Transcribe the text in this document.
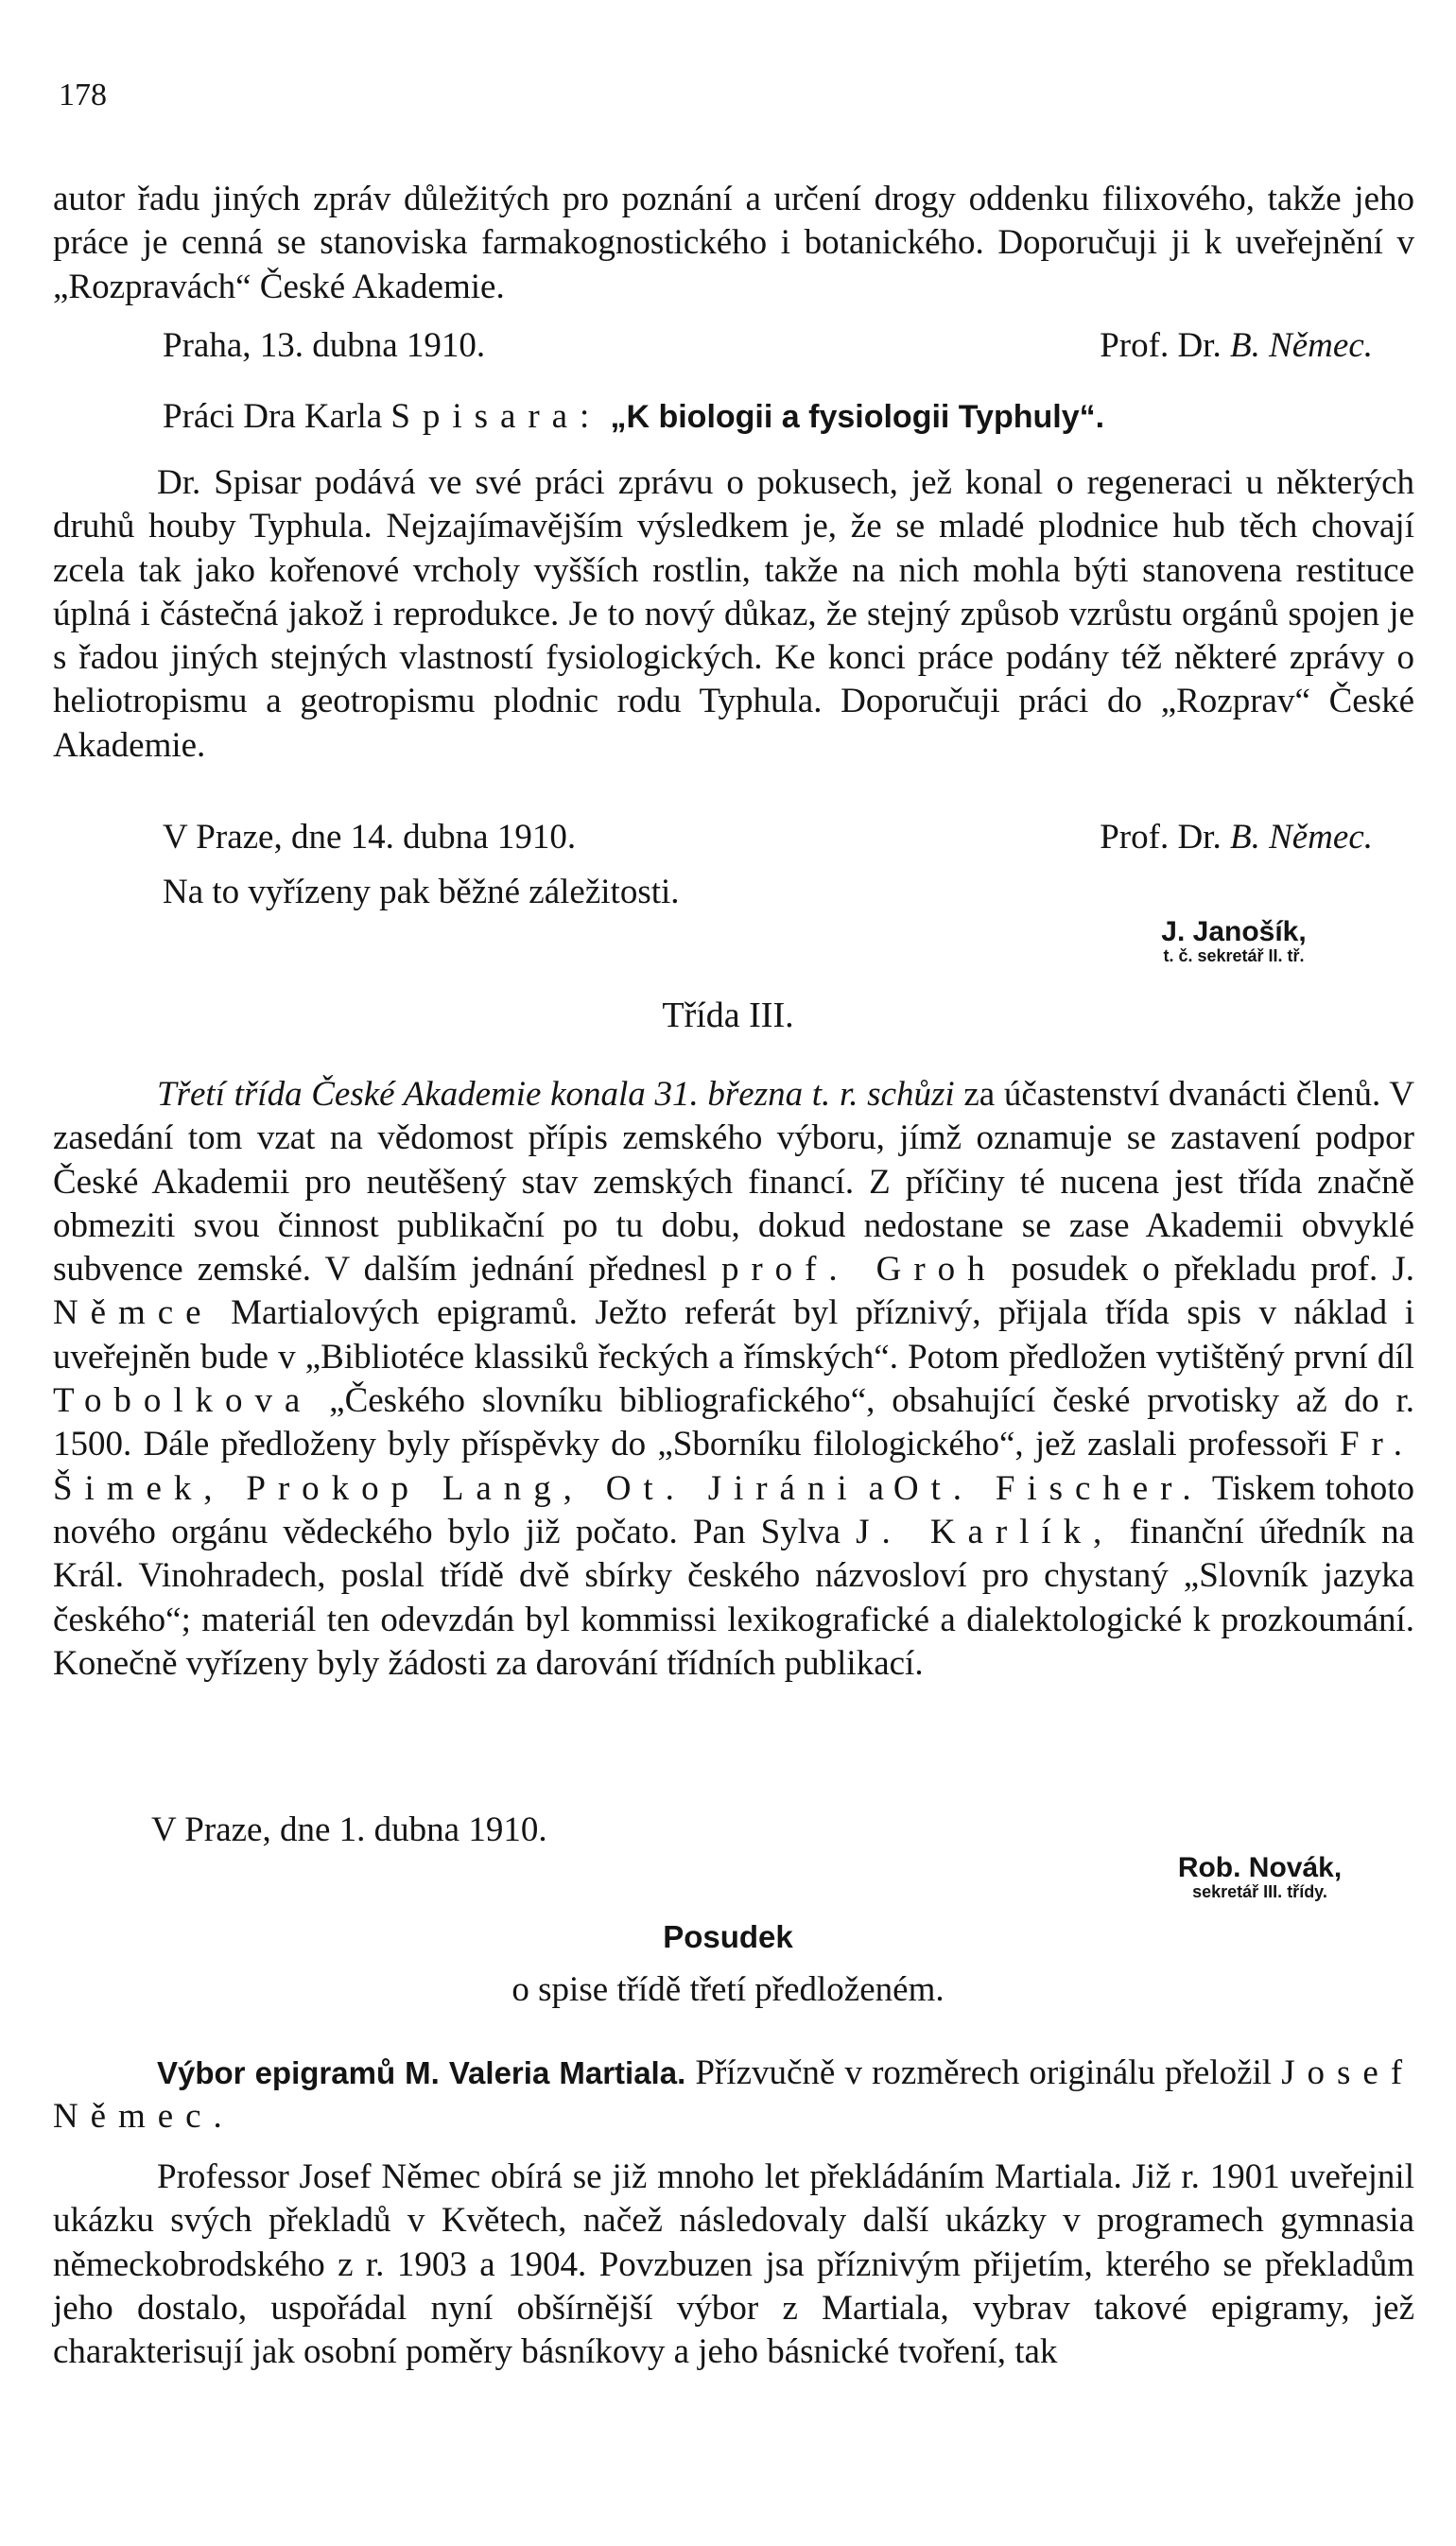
178

autor řadu jiných zpráv důležitých pro poznání a určení drogy oddenku filixového, takže jeho práce je cenná se stanoviska farmakognostického i botanického. Doporučuji ji k uveřejnění v „Rozpravách“ České Akademie.

Praha, 13. dubna 1910.	Prof. Dr. B. Němec.
Práci Dra Karla Spisara: „K biologii a fysiologii Typhuly“.

Dr. Spisar podává ve své práci zprávu o pokusech, jež konal o regeneraci u některých druhů houby Typhula. Nejzajímavějším výsledkem je, že se mladé plodnice hub těch chovají zcela tak jako kořenové vrcholy vyšších rostlin, takže na nich mohla býti stanovena restituce úplná i částečná jakož i reprodukce. Je to nový důkaz, že stejný způsob vzrůstu orgánů spojen je s řadou jiných stejných vlastností fysiologických. Ke konci práce podány též některé zprávy o heliotropismu a geotropismu plodnic rodu Typhula. Doporučuji práci do „Rozprav“ České Akademie.

V Praze, dne 14. dubna 1910.	Prof. Dr. B. Němec.
Na to vyřízeny pak běžné záležitosti.
J. Janošík,
t. č. sekretář II. tř.
Třída III.

Třetí třída České Akademie konala 31. března t. r. schůzi za účastenství dvanácti členů. V zasedání tom vzat na vědomost přípis zemského výboru, jímž oznamuje se zastavení podpor České Akademii pro neutěšený stav zemských financí. Z příčiny té nucena jest třída značně obmeziti svou činnost publikační po tu dobu, dokud nedostane se zase Akademii obvyklé subvence zemské. V dalším jednání přednesl prof. Groh posudek o překladu prof. J. Němce Martialových epigramů. Ježto referát byl příznivý, přijala třída spis v náklad i uveřejněn bude v „Bibliotéce klassiků řeckých a římských“. Potom předložen vytištěný první díl Tobolkova „Českého slovníku bibliografického“, obsahující české prvotisky až do r. 1500. Dále předloženy byly příspěvky do „Sborníku filologického“, jež zaslali professoři Fr. Šimek, Prokop Lang, Ot. Jiráni a Ot. Fischer. Tiskem tohoto nového orgánu vědeckého bylo již počato. Pan Sylva J. Karlík, finanční úředník na Král. Vinohradech, poslal třídě dvě sbírky českého názvosloví pro chystaný „Slovník jazyka českého“; materiál ten odevzdán byl kommissi lexikografické a dialektologické k prozkoumání. Konečně vyřízeny byly žádosti za darování třídních publikací.

V Praze, dne 1. dubna 1910.
Rob. Novák,
sekretář III. třídy.
Posudek
o spise třídě třetí předloženém.

Výbor epigramů M. Valeria Martiala. Přízvučně v rozměrech originálu přeložil Josef Němec.

Professor Josef Němec obírá se již mnoho let překládáním Martiala. Již r. 1901 uveřejnil ukázku svých překladů v Květech, načež následovaly další ukázky v programech gymnasia německobrodského z r. 1903 a 1904. Povzbuzen jsa příznivým přijetím, kterého se překladům jeho dostalo, uspořádal nyní obšírnější výbor z Martiala, vybrav takové epigramy, jež charakterisují jak osobní poměry básníkovy a jeho básnické tvoření, tak
